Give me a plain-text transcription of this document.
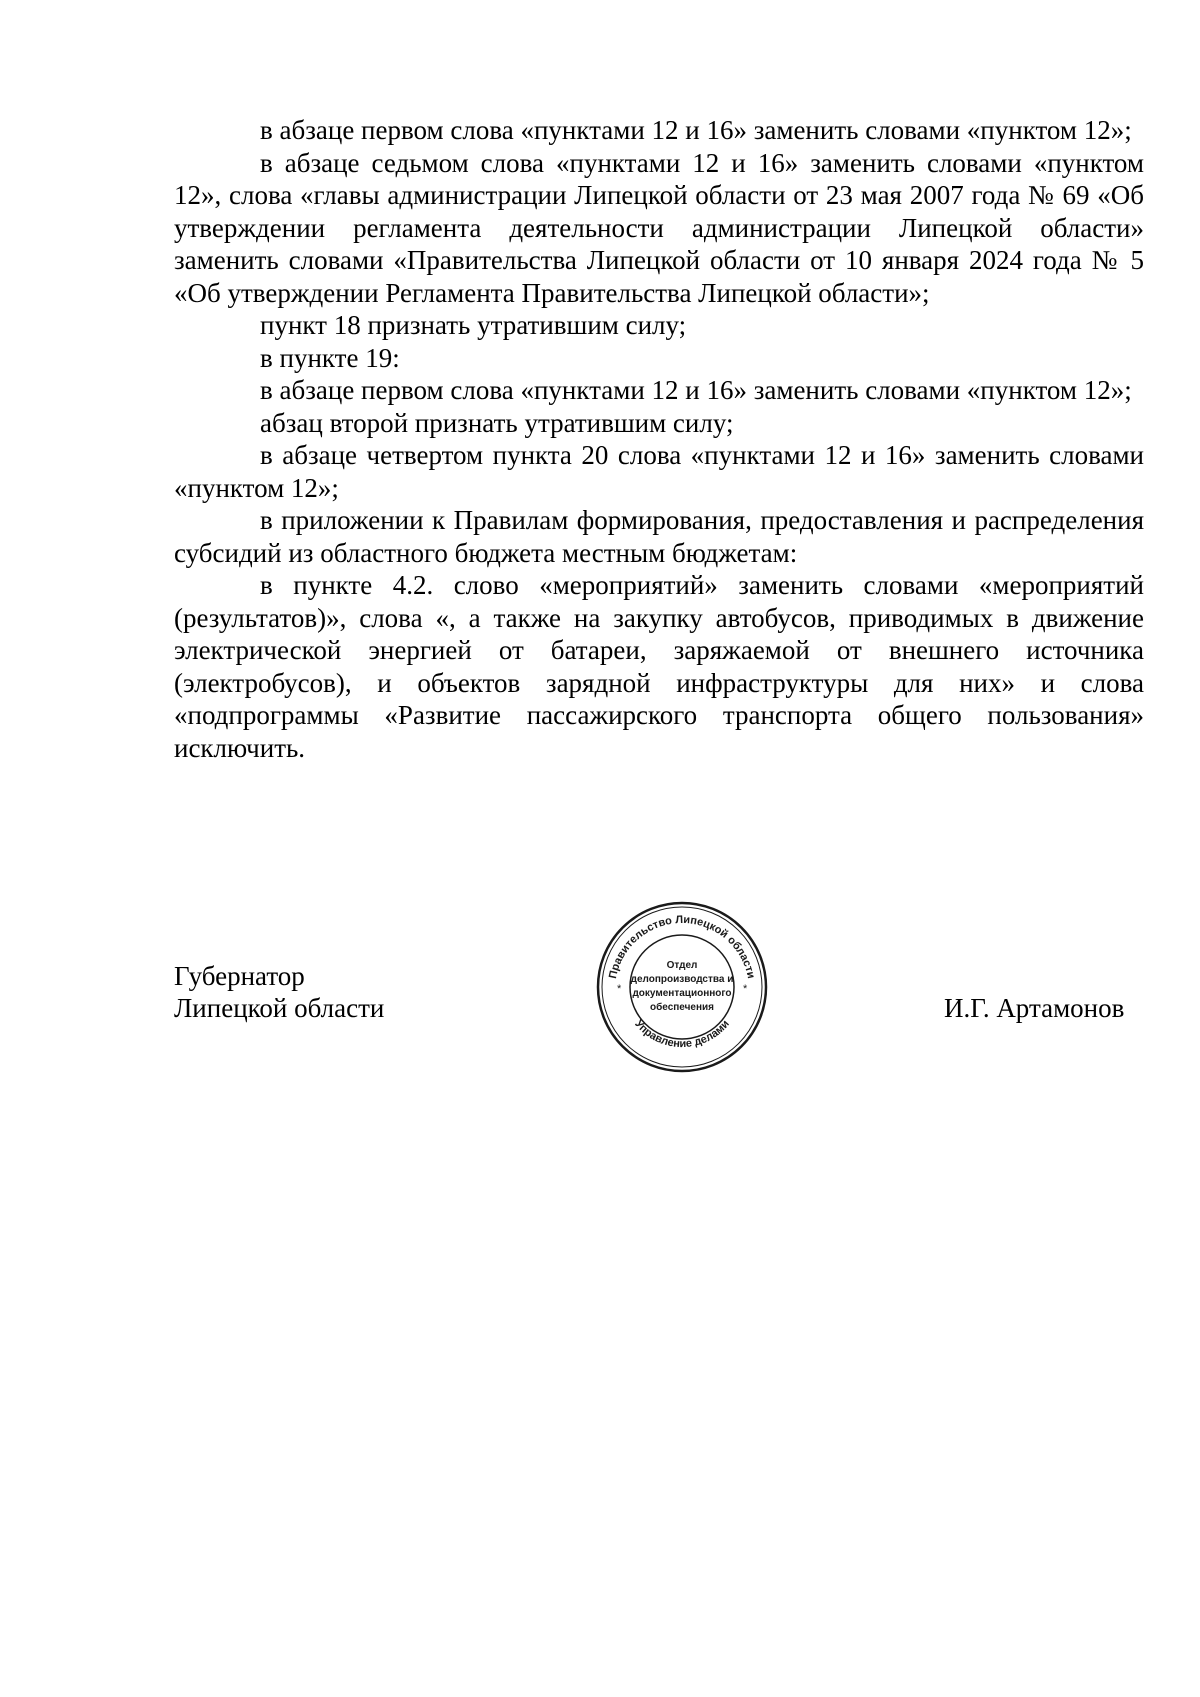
в абзаце первом слова «пунктами 12 и 16» заменить словами «пунктом 12»;

в абзаце седьмом слова «пунктами 12 и 16» заменить словами «пунктом 12», слова «главы администрации Липецкой области от 23 мая 2007 года № 69 «Об утверждении регламента деятельности администрации Липецкой области» заменить словами «Правительства Липецкой области от 10 января 2024 года № 5 «Об утверждении Регламента Правительства Липецкой области»;

пункт 18 признать утратившим силу;

в пункте 19:

в абзаце первом слова «пунктами 12 и 16» заменить словами «пунктом 12»;

абзац второй признать утратившим силу;

в абзаце четвертом пункта 20 слова «пунктами 12 и 16» заменить словами «пунктом 12»;

в приложении к Правилам формирования, предоставления и распределения субсидий из областного бюджета местным бюджетам:

в пункте 4.2. слово «мероприятий» заменить словами «мероприятий (результатов)», слова «, а также на закупку автобусов, приводимых в движение электрической энергией от батареи, заряжаемой от внешнего источника (электробусов), и объектов зарядной инфраструктуры для них» и слова «подпрограммы «Развитие пассажирского транспорта общего пользования» исключить.

Губернатор
Липецкой области	И.Г. Артамонов
Правительство Липецкой области
Управление делами
*	*
Отдел
делопроизводства и
документационного
обеспечения
